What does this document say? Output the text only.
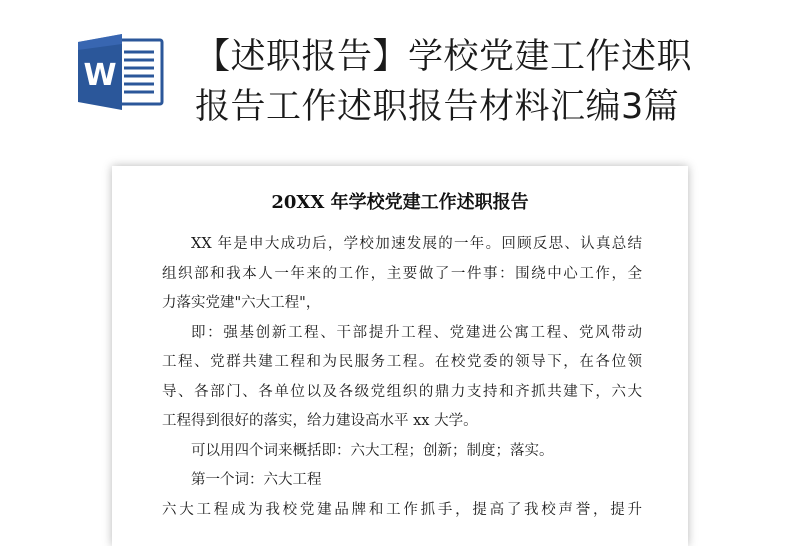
W 【述职报告】学校党建工作述职
报告工作述职报告材料汇编3篇
20XX 年学校党建工作述职报告
XX 年是申大成功后，学校加速发展的一年。回顾反思、认真总结
组织部和我本人一年来的工作，主要做了一件事：围绕中心工作，全
力落实党建"六大工程"，
即：强基创新工程、干部提升工程、党建进公寓工程、党风带动
工程、党群共建工程和为民服务工程。在校党委的领导下，在各位领
导、各部门、各单位以及各级党组织的鼎力支持和齐抓共建下，六大
工程得到很好的落实，给力建设高水平 xx 大学。
可以用四个词来概括即：六大工程；创新；制度；落实。
第一个词：六大工程
六大工程成为我校党建品牌和工作抓手，提高了我校声誉，提升
